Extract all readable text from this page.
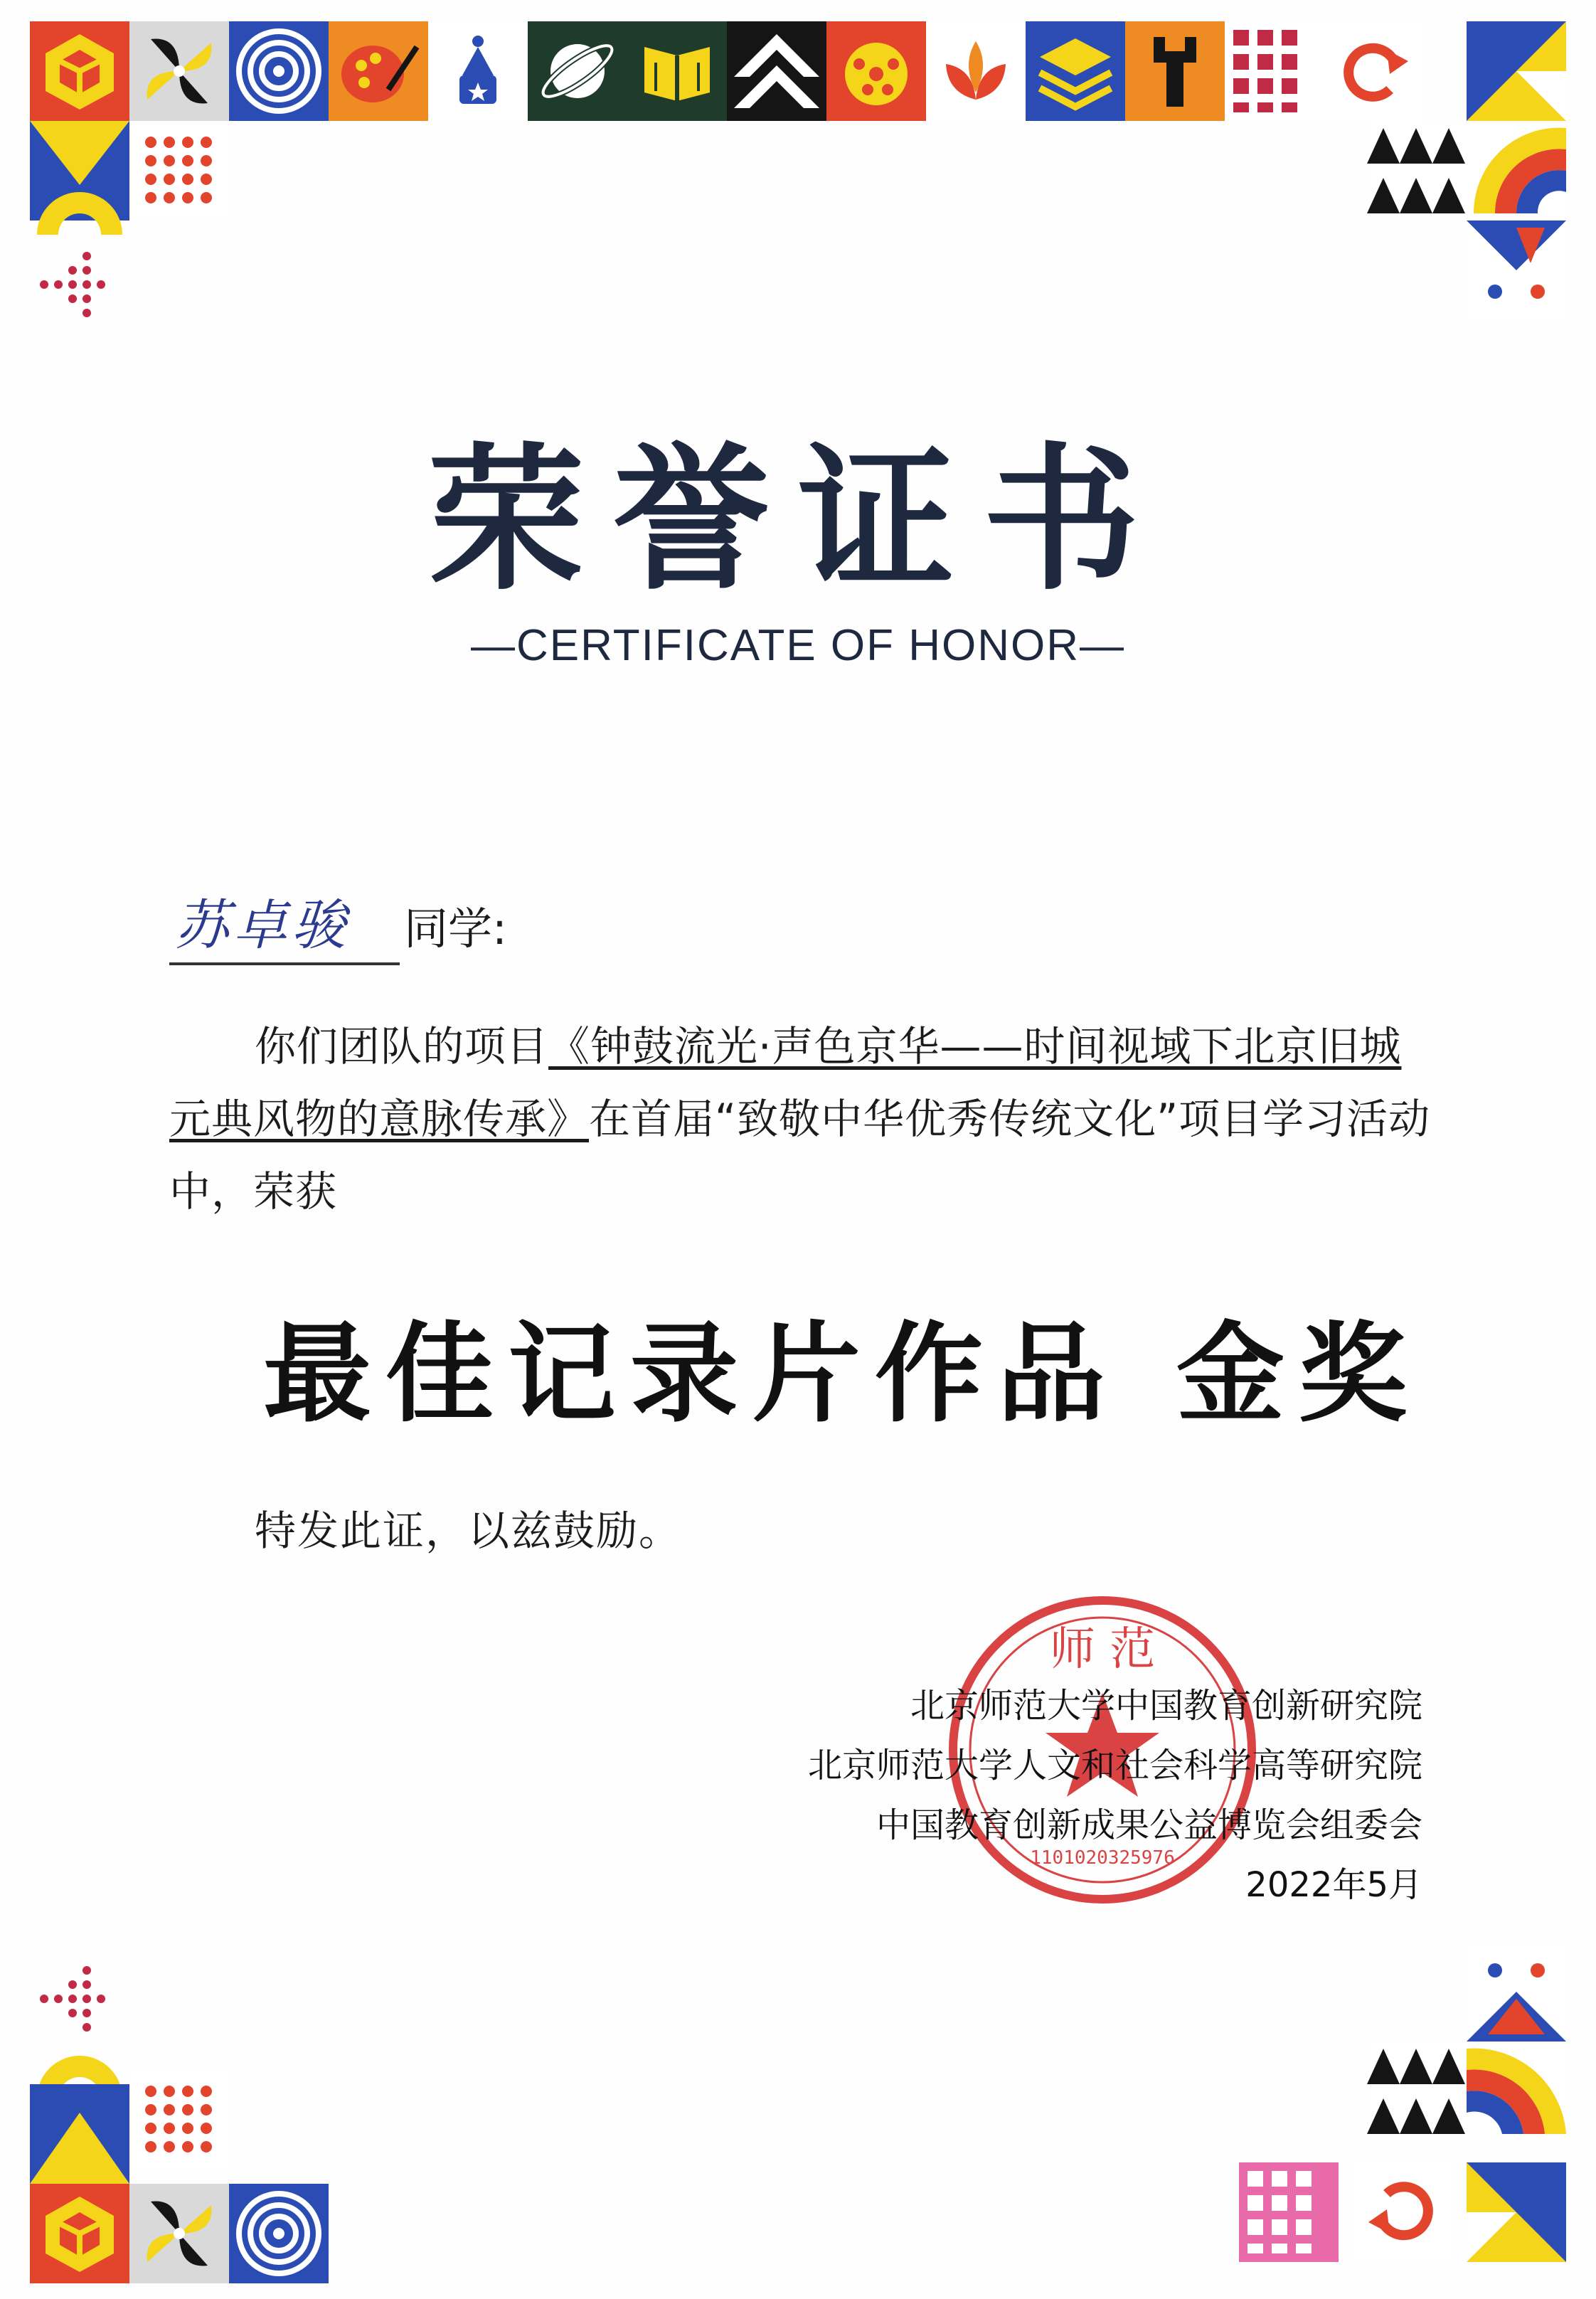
荣誉证书
—CERTIFICATE OF HONOR—
苏卓骏 同学:
你们团队的项目《钟鼓流光·声色京华——时间视域下北京旧城元典风物的意脉传承》在首届“致敬中华优秀传统文化”项目学习活动中，荣获
最佳记录片作品 金奖
特发此证，以兹鼓励。
师 范
1101020325976
北京师范大学中国教育创新研究院
北京师范大学人文和社会科学高等研究院
中国教育创新成果公益博览会组委会
2022年5月
